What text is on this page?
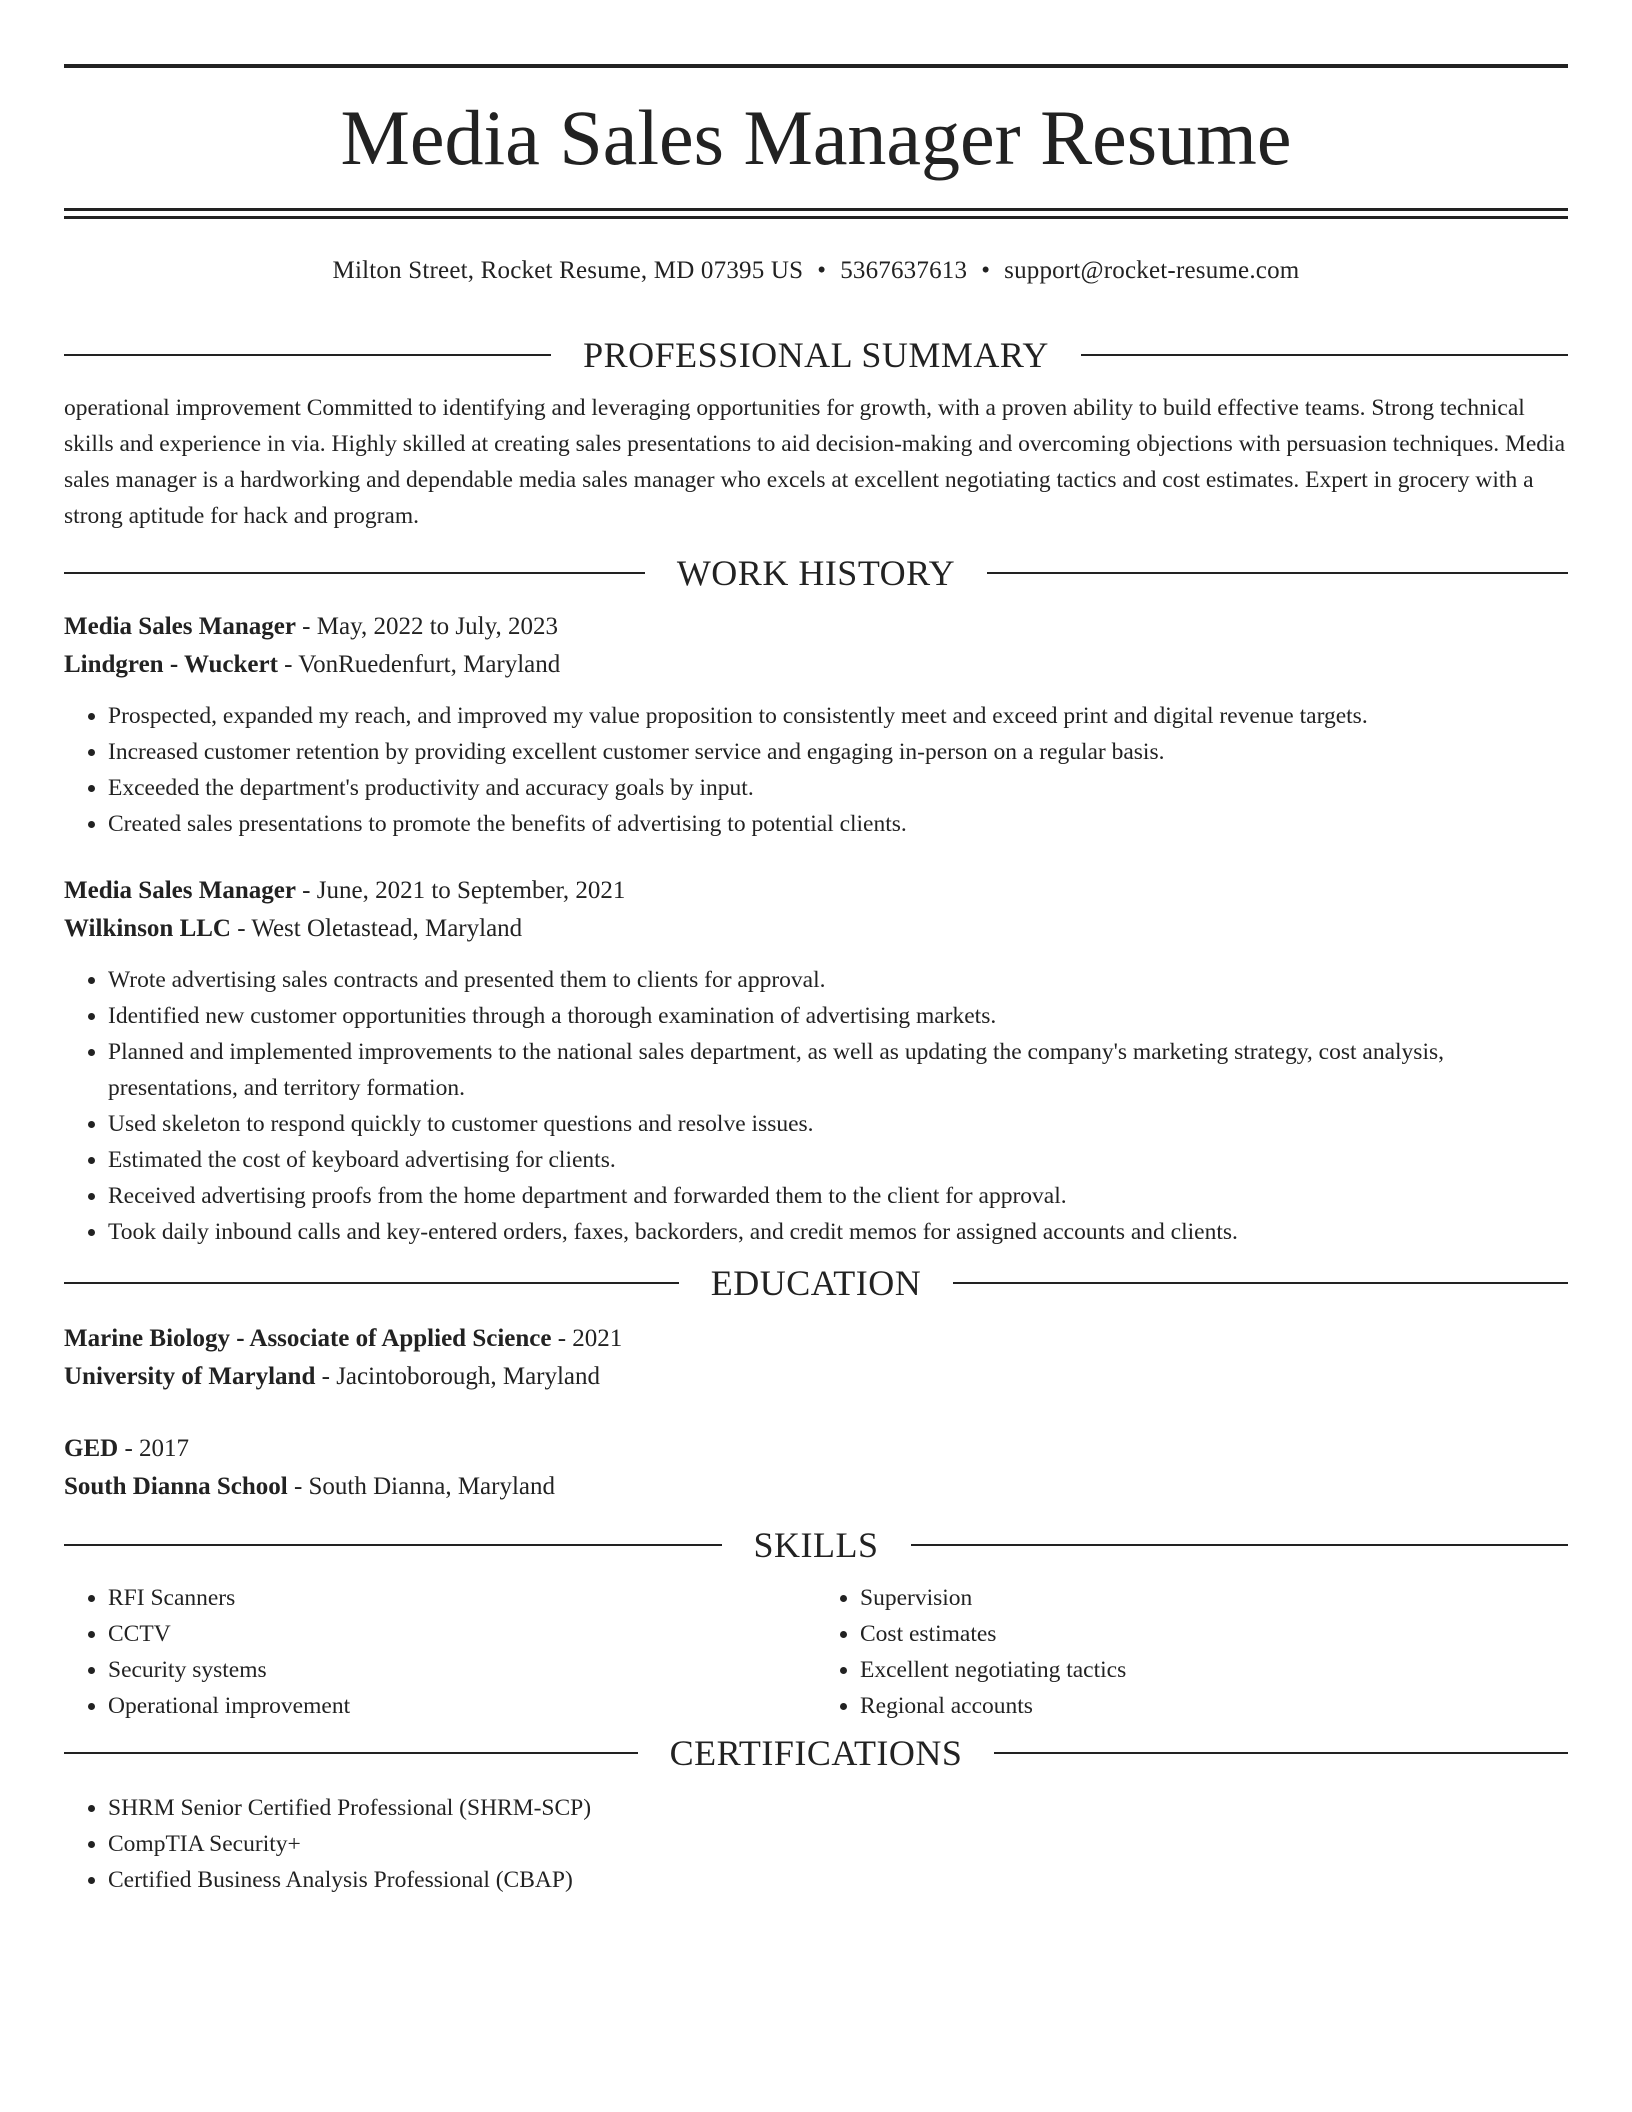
Media Sales Manager Resume
Milton Street, Rocket Resume, MD 07395 US • 5367637613 • support@rocket-resume.com
PROFESSIONAL SUMMARY

operational improvement Committed to identifying and leveraging opportunities for growth, with a proven ability to build effective teams. Strong technical skills and experience in via. Highly skilled at creating sales presentations to aid decision-making and overcoming objections with persuasion techniques. Media sales manager is a hardworking and dependable media sales manager who excels at excellent negotiating tactics and cost estimates. Expert in grocery with a strong aptitude for hack and program.

WORK HISTORY
Media Sales Manager - May, 2022 to July, 2023
Lindgren - Wuckert - VonRuedenfurt, Maryland
• Prospected, expanded my reach, and improved my value proposition to consistently meet and exceed print and digital revenue targets.
• Increased customer retention by providing excellent customer service and engaging in-person on a regular basis.
• Exceeded the department's productivity and accuracy goals by input.
• Created sales presentations to promote the benefits of advertising to potential clients.
Media Sales Manager - June, 2021 to September, 2021
Wilkinson LLC - West Oletastead, Maryland
• Wrote advertising sales contracts and presented them to clients for approval.
• Identified new customer opportunities through a thorough examination of advertising markets.
• Planned and implemented improvements to the national sales department, as well as updating the company's marketing strategy, cost analysis, presentations, and territory formation.
• Used skeleton to respond quickly to customer questions and resolve issues.
• Estimated the cost of keyboard advertising for clients.
• Received advertising proofs from the home department and forwarded them to the client for approval.
• Took daily inbound calls and key-entered orders, faxes, backorders, and credit memos for assigned accounts and clients.
EDUCATION
Marine Biology - Associate of Applied Science - 2021
University of Maryland - Jacintoborough, Maryland
GED - 2017
South Dianna School - South Dianna, Maryland
SKILLS
• RFI Scanners
• CCTV
• Security systems
• Operational improvement
• Supervision
• Cost estimates
• Excellent negotiating tactics
• Regional accounts
CERTIFICATIONS
• SHRM Senior Certified Professional (SHRM-SCP)
• CompTIA Security+
• Certified Business Analysis Professional (CBAP)
